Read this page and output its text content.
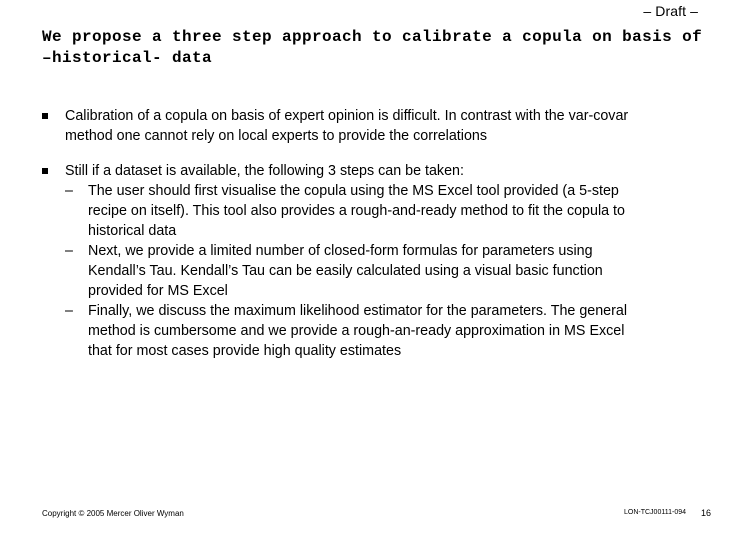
– Draft –
We propose a three step approach to calibrate a copula on basis of
–historical- data
Calibration of a copula on basis of expert opinion is difficult. In contrast with the var-covar
method one cannot rely on local experts to provide the correlations
Still if a dataset is available, the following 3 steps can be taken:
– The user should first visualise the copula using the MS Excel tool provided (a 5-step
recipe on itself). This tool also provides a rough-and-ready method to fit the copula to
historical data
– Next, we provide a limited number of closed-form formulas for parameters using
Kendall’s Tau. Kendall’s Tau can be easily calculated using a visual basic function
provided for MS Excel
– Finally, we discuss the maximum likelihood estimator for the parameters. The general
method is cumbersome and we provide a rough-an-ready approximation in MS Excel
that for most cases provide high quality estimates
Copyright © 2005 Mercer Oliver Wyman	LON-TCJ00111-094 16
